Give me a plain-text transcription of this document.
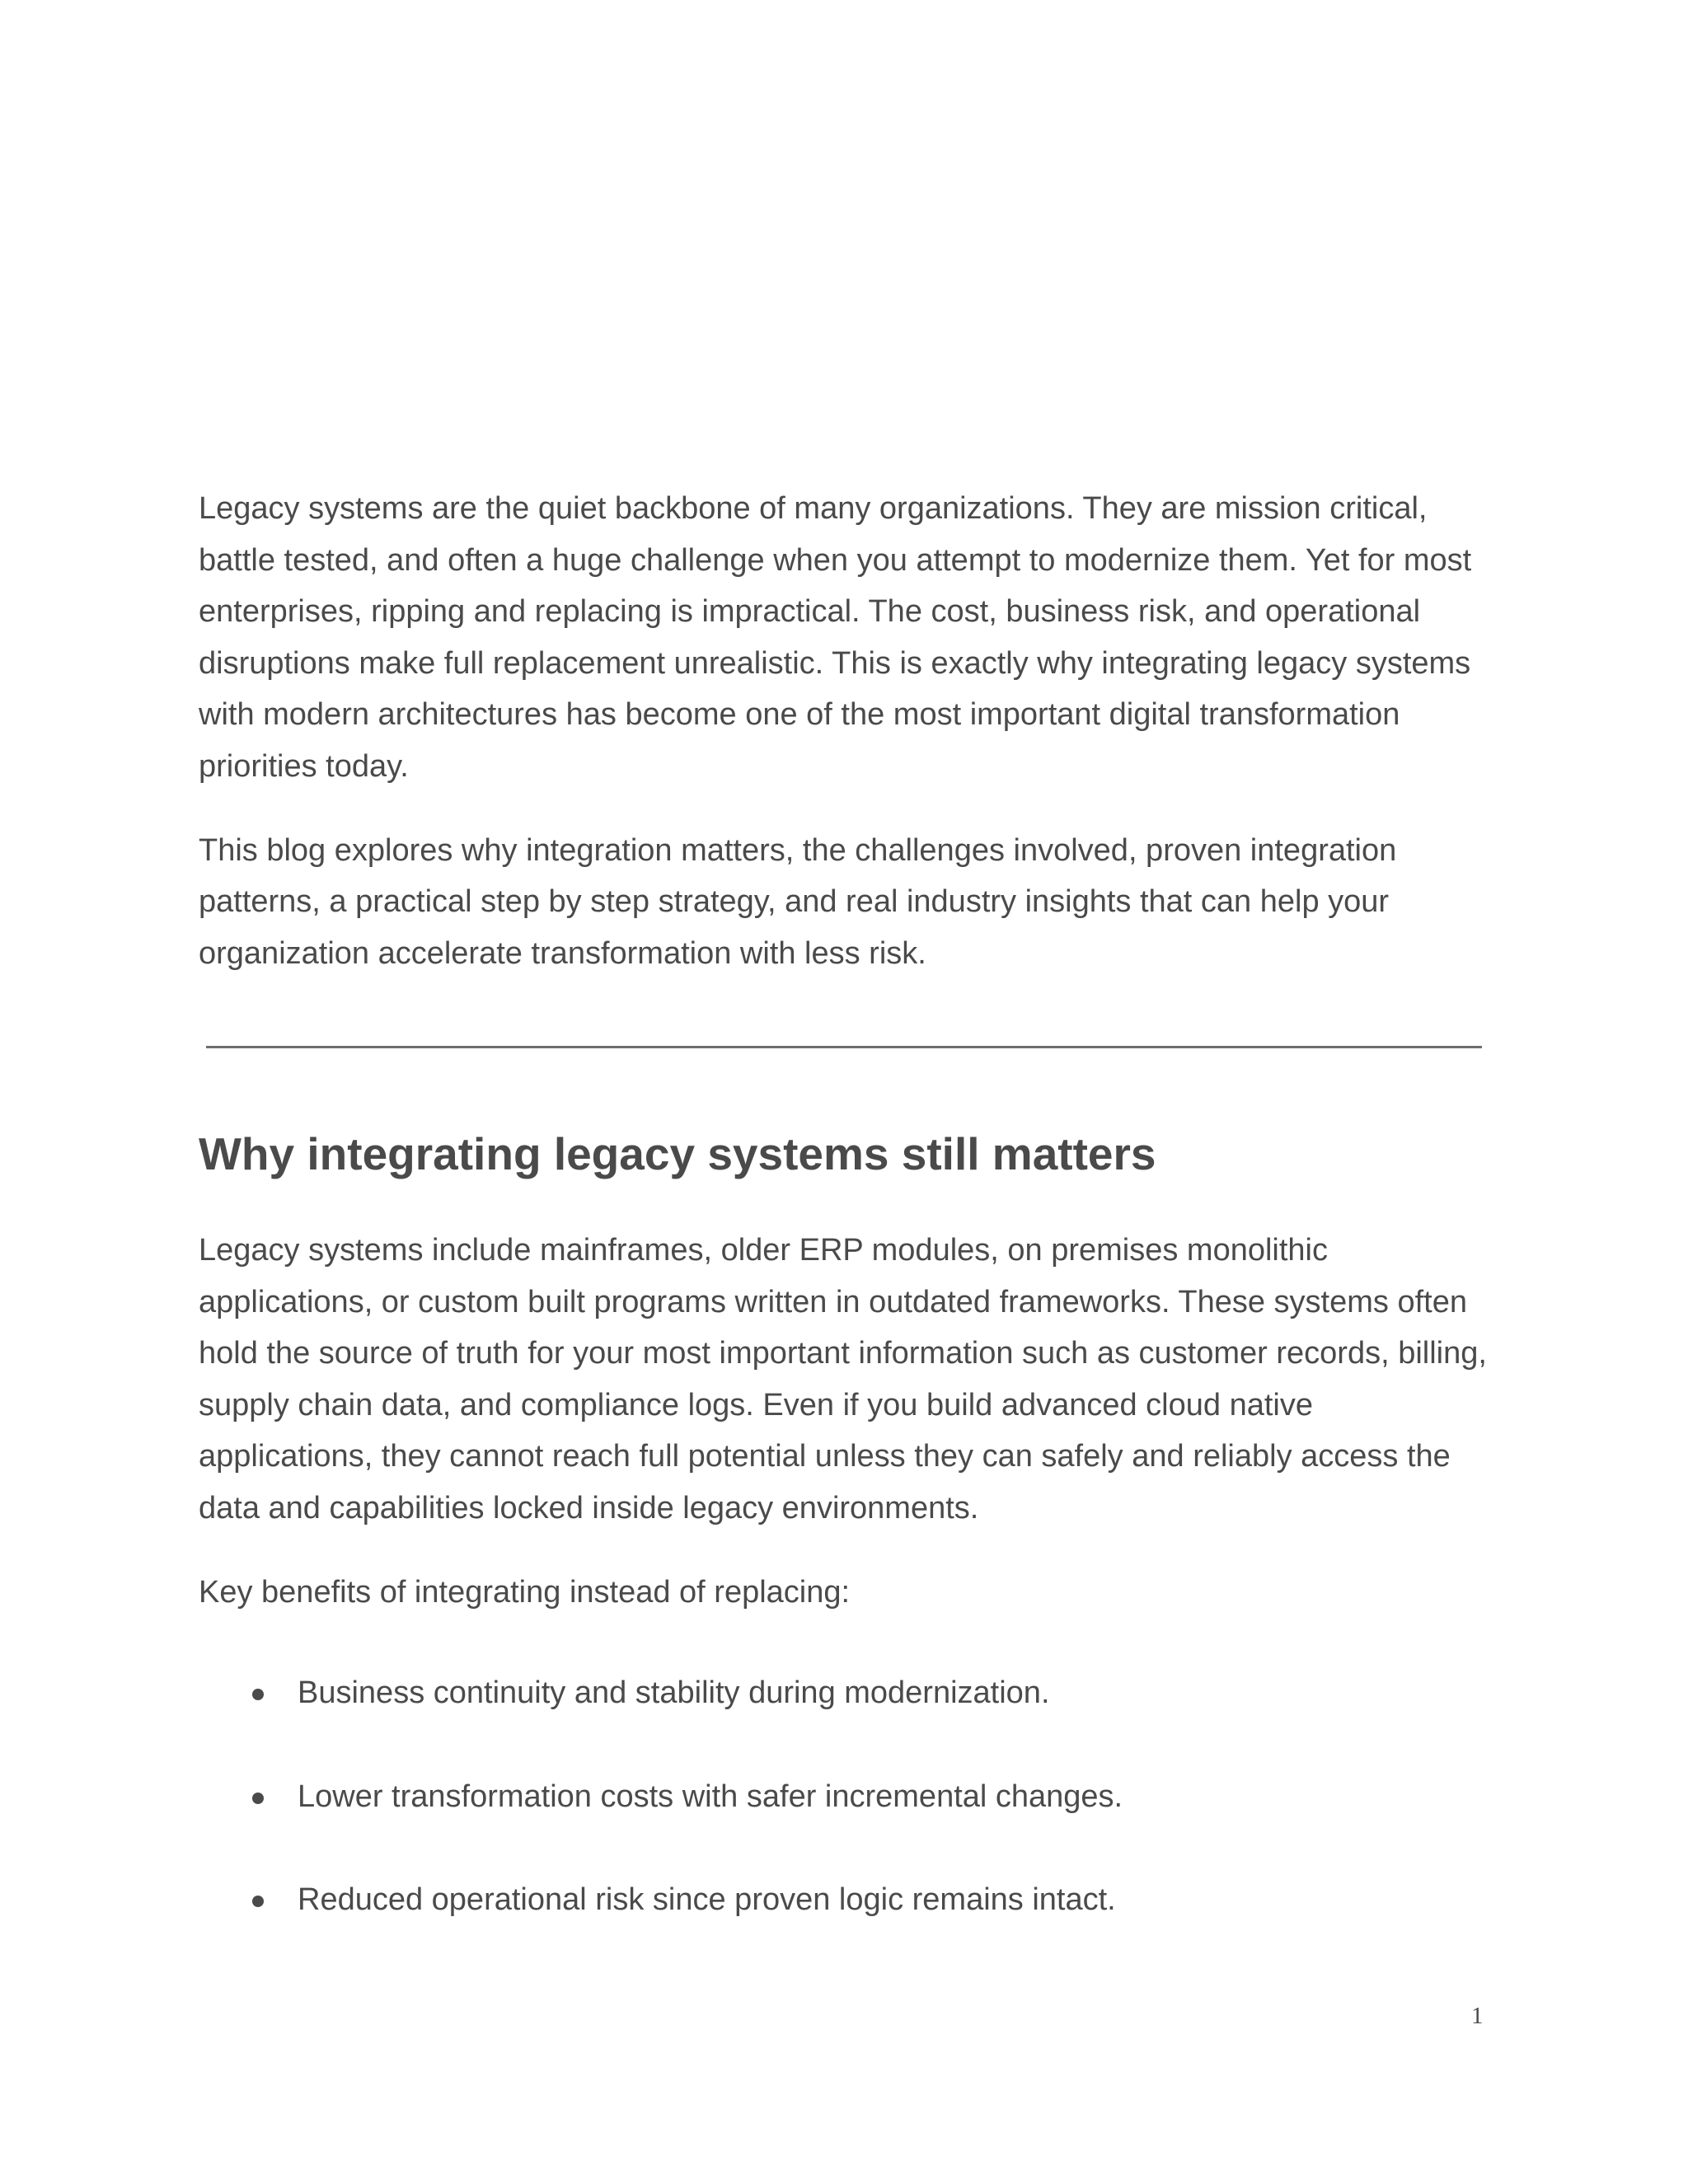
Legacy systems are the quiet backbone of many organizations. They are mission critical, battle tested, and often a huge challenge when you attempt to modernize them. Yet for most enterprises, ripping and replacing is impractical. The cost, business risk, and operational disruptions make full replacement unrealistic. This is exactly why integrating legacy systems with modern architectures has become one of the most important digital transformation priorities today.

This blog explores why integration matters, the challenges involved, proven integration patterns, a practical step by step strategy, and real industry insights that can help your organization accelerate transformation with less risk.

Why integrating legacy systems still matters

Legacy systems include mainframes, older ERP modules, on premises monolithic applications, or custom built programs written in outdated frameworks. These systems often hold the source of truth for your most important information such as customer records, billing, supply chain data, and compliance logs. Even if you build advanced cloud native applications, they cannot reach full potential unless they can safely and reliably access the data and capabilities locked inside legacy environments.

Key benefits of integrating instead of replacing:

Business continuity and stability during modernization.
Lower transformation costs with safer incremental changes.
Reduced operational risk since proven logic remains intact.
1
